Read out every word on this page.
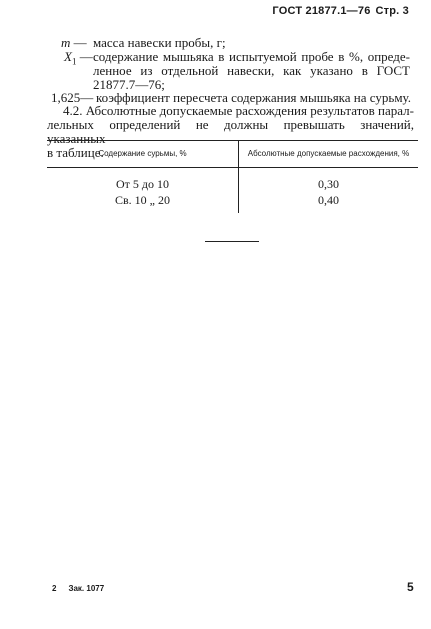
ГОСТ 21877.1—76 Стр. 3
m — масса навески пробы, г;
$X_1$ — содержание мышьяка в испытуемой пробе в %, опреде-
ленное из отдельной навески, как указано в ГОСТ
21877.7—76;
1,625— коэффициент пересчета содержания мышьяка на сурьму.
4.2. Абсолютные допускаемые расхождения результатов парал-
лельных определений не должны превышать значений, указанных
в таблице.
Содержание сурьмы, %	Абсолютные допускаемые расхождения, %
От 5 до 10	0,30
Св. 10 „ 20	0,40
2 Зак. 1077	5
